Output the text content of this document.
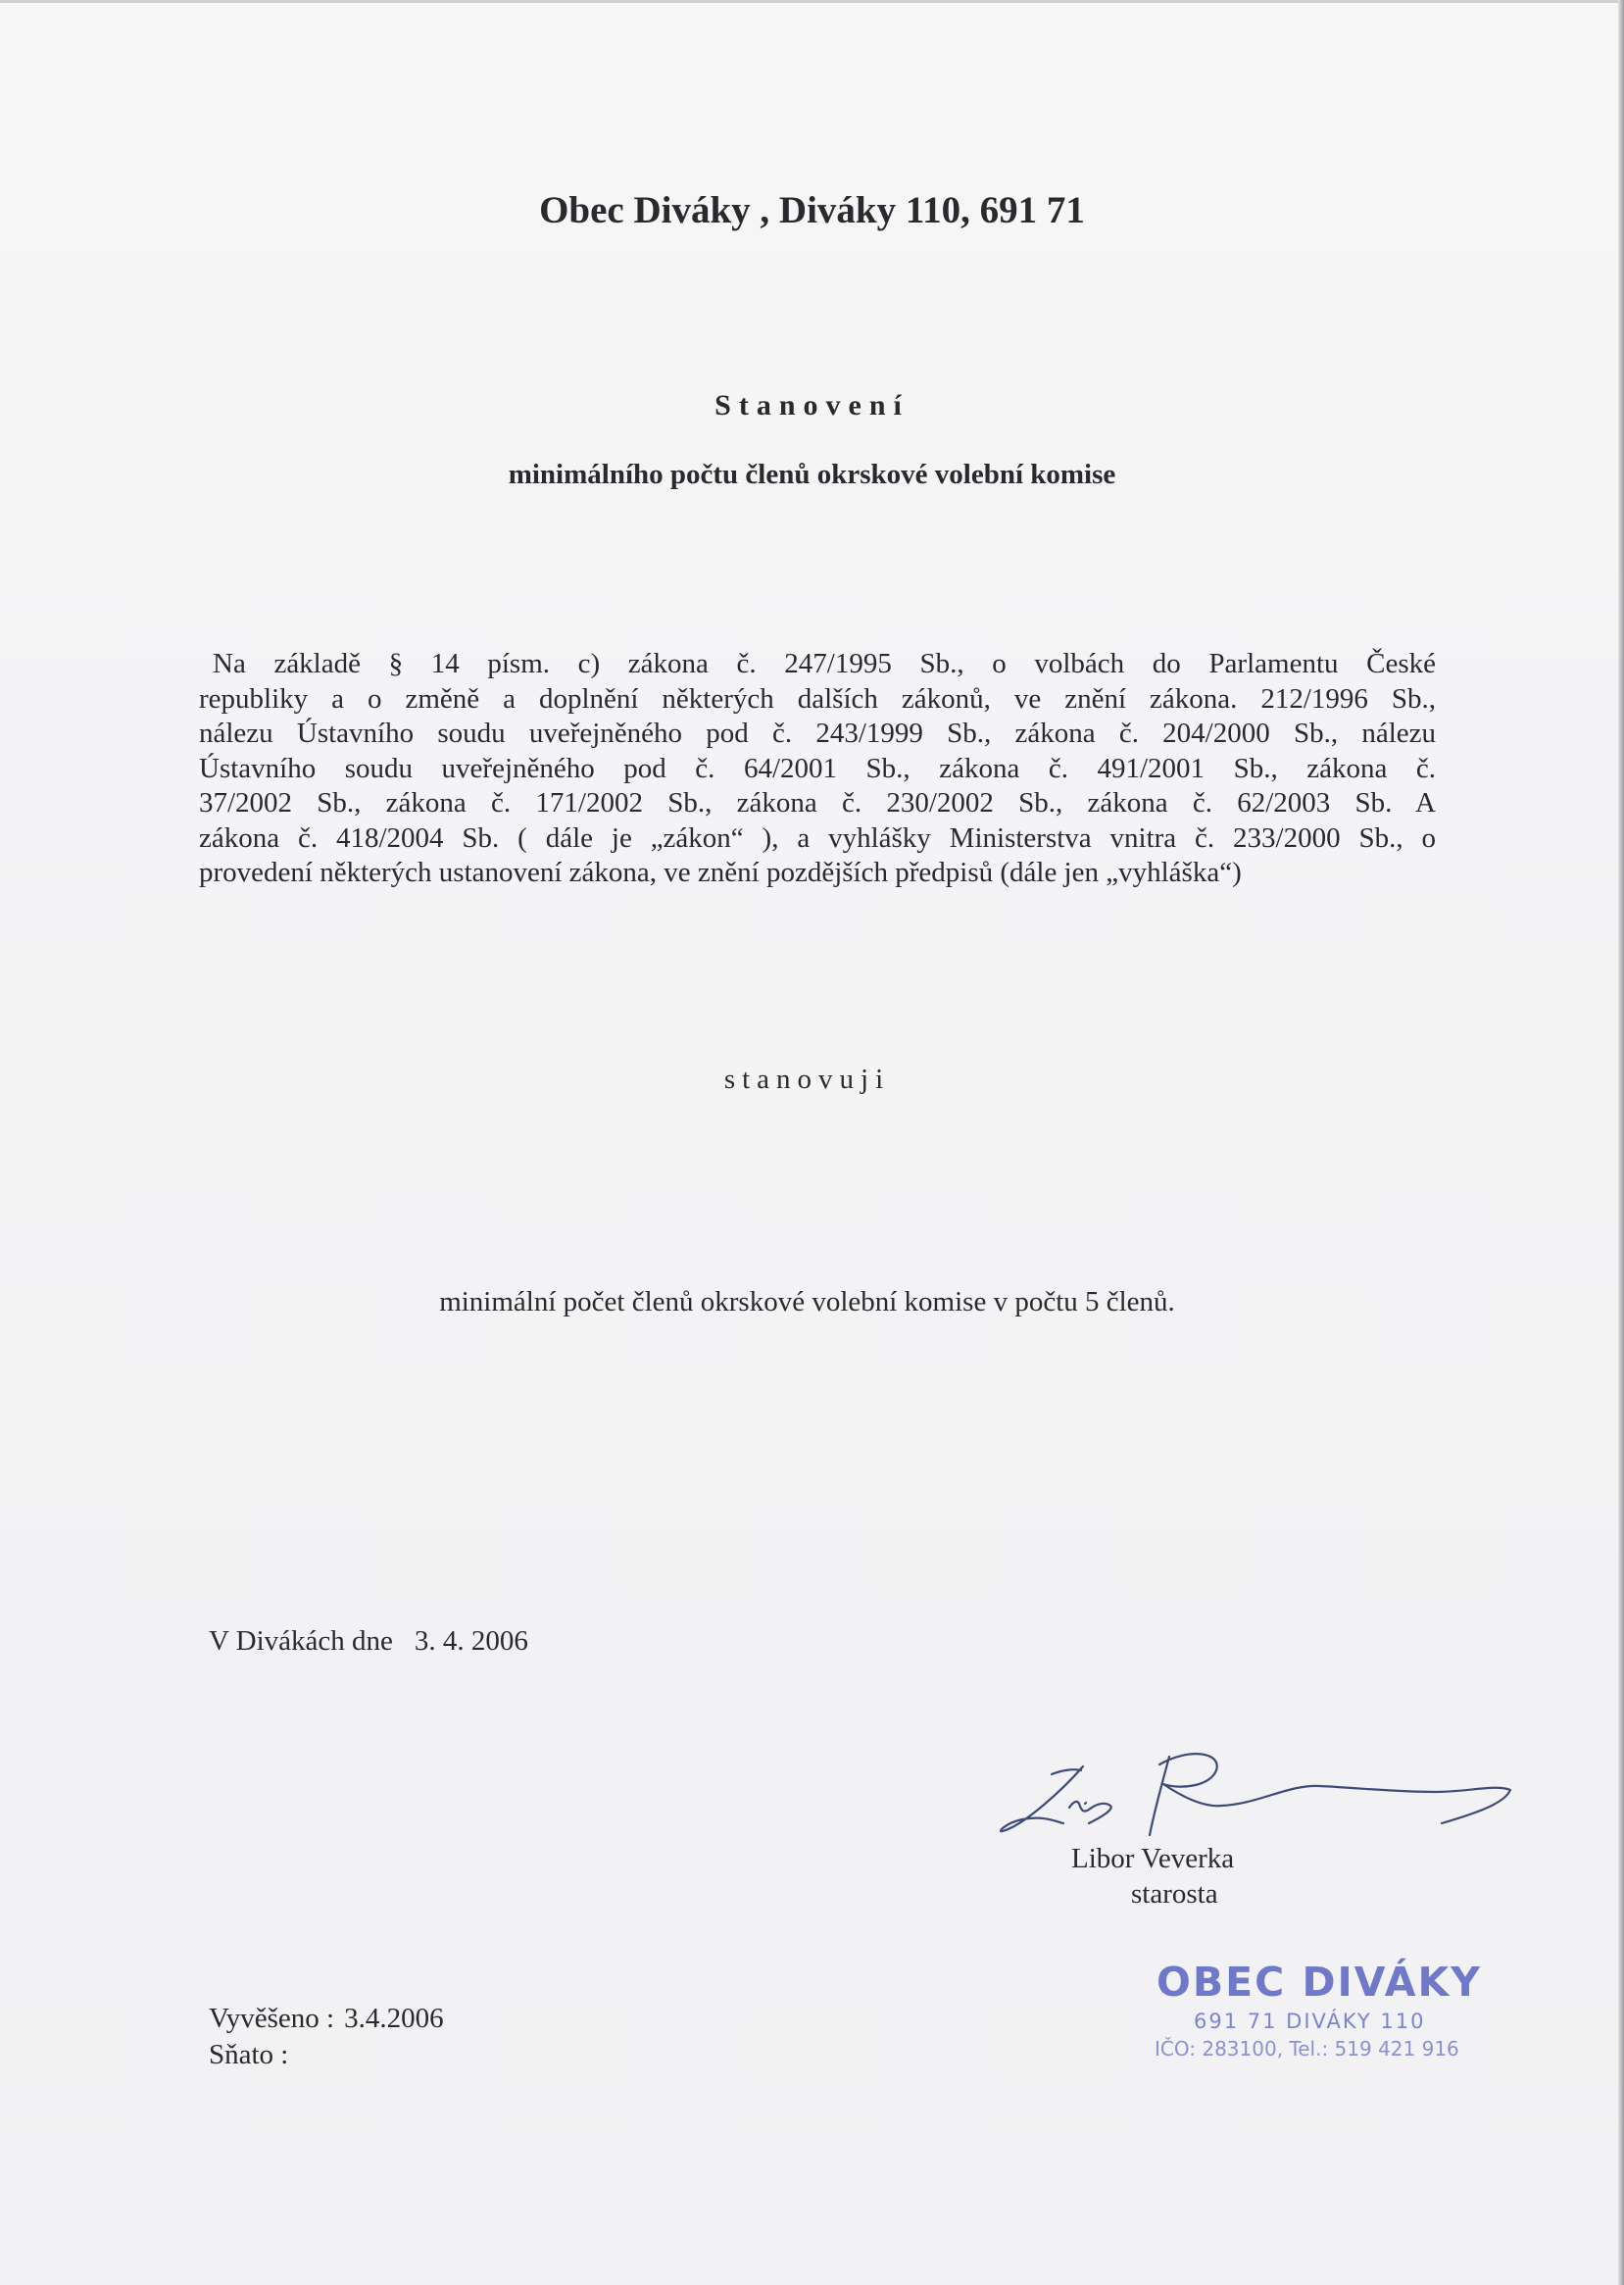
Obec Diváky , Diváky 110, 691 71
Stanovení
minimálního počtu členů okrskové volební komise
Na základě § 14 písm. c) zákona č. 247/1995 Sb., o volbách do Parlamentu České
republiky a o změně a doplnění některých dalších zákonů, ve znění zákona. 212/1996 Sb.,
nálezu Ústavního soudu uveřejněného pod č. 243/1999 Sb., zákona č. 204/2000 Sb., nálezu
Ústavního soudu uveřejněného pod č. 64/2001 Sb., zákona č. 491/2001 Sb., zákona č.
37/2002 Sb., zákona č. 171/2002 Sb., zákona č. 230/2002 Sb., zákona č. 62/2003 Sb. A
zákona č. 418/2004 Sb. ( dále je „zákon“ ), a vyhlášky Ministerstva vnitra č. 233/2000 Sb., o
provedení některých ustanovení zákona, ve znění pozdějších předpisů (dále jen „vyhláška“)
stanovuji
minimální počet členů okrskové volební komise v počtu 5 členů.
V Divákách dne 3. 4. 2006
Libor Veverka
starosta
Vyvěšeno : 3.4.2006
Sňato :
OBEC DIVÁKY
691 71 DIVÁKY 110
IČO: 283100, Tel.: 519 421 916
